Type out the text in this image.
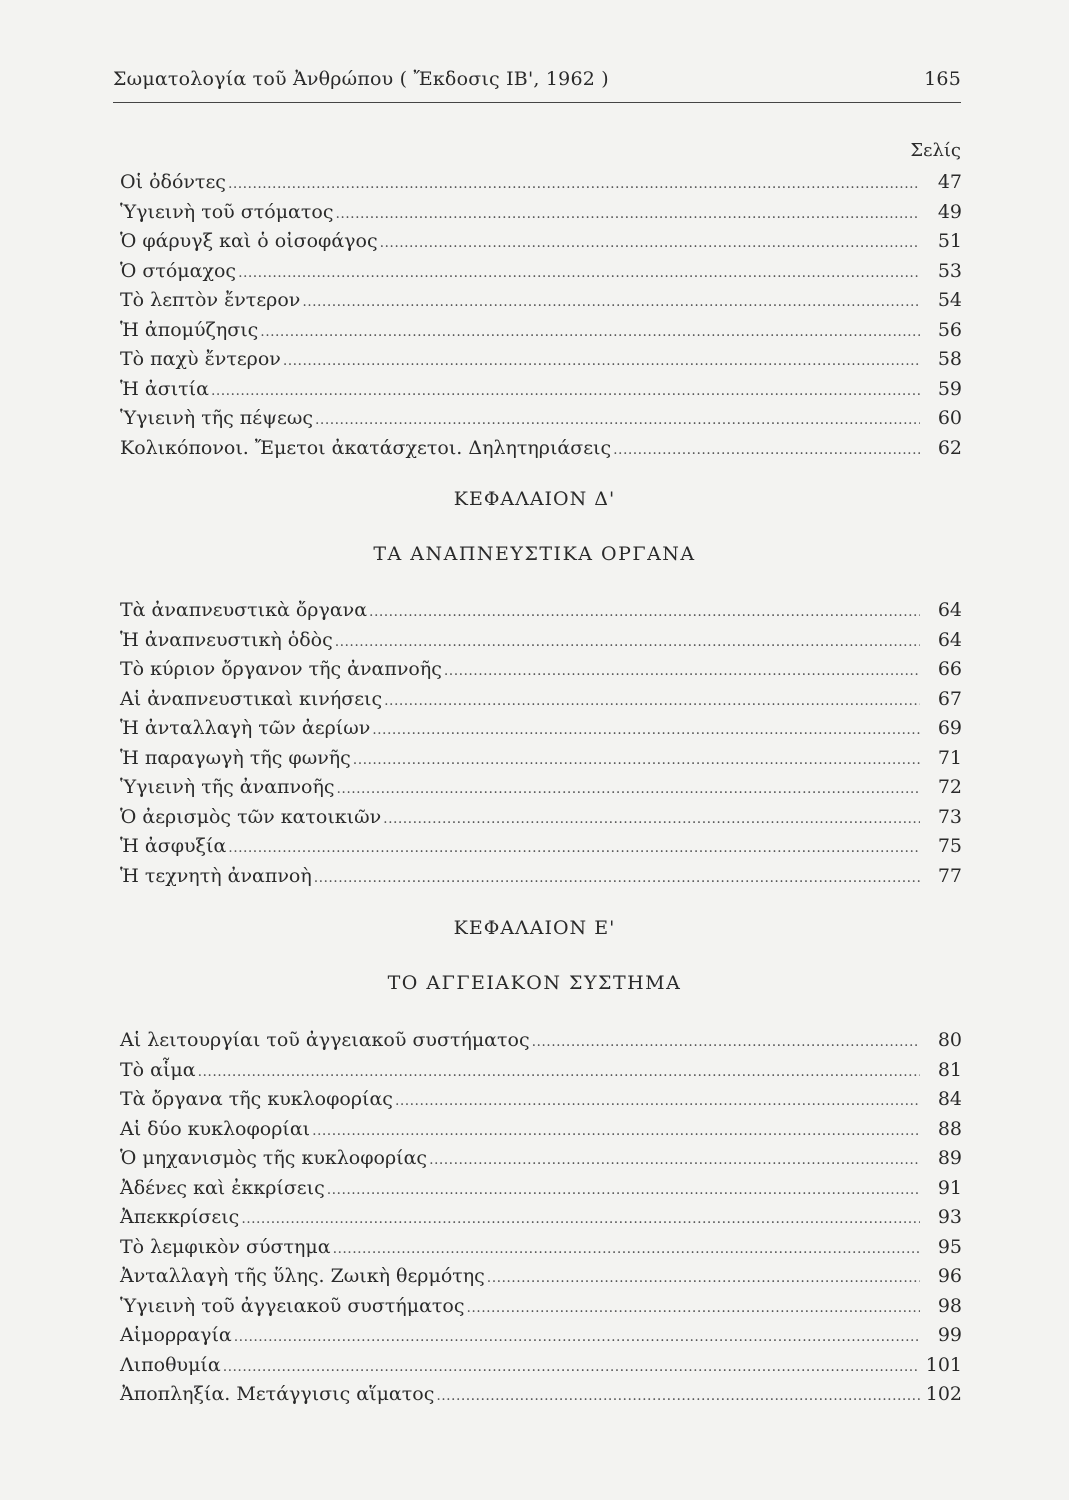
Σωματολογία τοῦ Ἀνθρώπου ( Ἔκδοσις ΙΒ', 1962 )	165
Σελίς
Οἱ ὀδόντες . . .	47
Ὑγιεινὴ τοῦ στόματος . . .	49
Ὁ φάρυγξ καὶ ὁ οἰσοφάγος . . .	51
Ὁ στόμαχος . . .	53
Τὸ λεπτὸν ἔντερον . . .	54
Ἡ ἀπομύζησις . . .	56
Τὸ παχὺ ἔντερον . . .	58
Ἡ ἀσιτία . . .	59
Ὑγιεινὴ τῆς πέψεως . . .	60
Κολικόπονοι. Ἔμετοι ἀκατάσχετοι. Δηλητηριάσεις . . .	62
ΚΕΦΑΛΑΙΟΝ Δ'
ΤΑ ΑΝΑΠΝΕΥΣΤΙΚΑ ΟΡΓΑΝΑ
Τὰ ἀναπνευστικὰ ὄργανα . . .	64
Ἡ ἀναπνευστικὴ ὁδὸς . . .	64
Τὸ κύριον ὄργανον τῆς ἀναπνοῆς . . .	66
Αἱ ἀναπνευστικαὶ κινήσεις . . .	67
Ἡ ἀνταλλαγὴ τῶν ἀερίων . . .	69
Ἡ παραγωγὴ τῆς φωνῆς . . .	71
Ὑγιεινὴ τῆς ἀναπνοῆς . . .	72
Ὁ ἀερισμὸς τῶν κατοικιῶν . . .	73
Ἡ ἀσφυξία . . .	75
Ἡ τεχνητὴ ἀναπνοὴ . . .	77
ΚΕΦΑΛΑΙΟΝ Ε'
ΤΟ ΑΓΓΕΙΑΚΟΝ ΣΥΣΤΗΜΑ
Αἱ λειτουργίαι τοῦ ἀγγειακοῦ συστήματος . . .	80
Τὸ αἷμα . . .	81
Τὰ ὄργανα τῆς κυκλοφορίας . . .	84
Αἱ δύο κυκλοφορίαι . . .	88
Ὁ μηχανισμὸς τῆς κυκλοφορίας . . .	89
Ἀδένες καὶ ἐκκρίσεις . . .	91
Ἀπεκκρίσεις . . .	93
Τὸ λεμφικὸν σύστημα . . .	95
Ἀνταλλαγὴ τῆς ὕλης. Ζωικὴ θερμότης . . .	96
Ὑγιεινὴ τοῦ ἀγγειακοῦ συστήματος . . .	98
Αἱμορραγία . . .	99
Λιποθυμία . . .	101
Ἀποπληξία. Μετάγγισις αἵματος . . .	102
